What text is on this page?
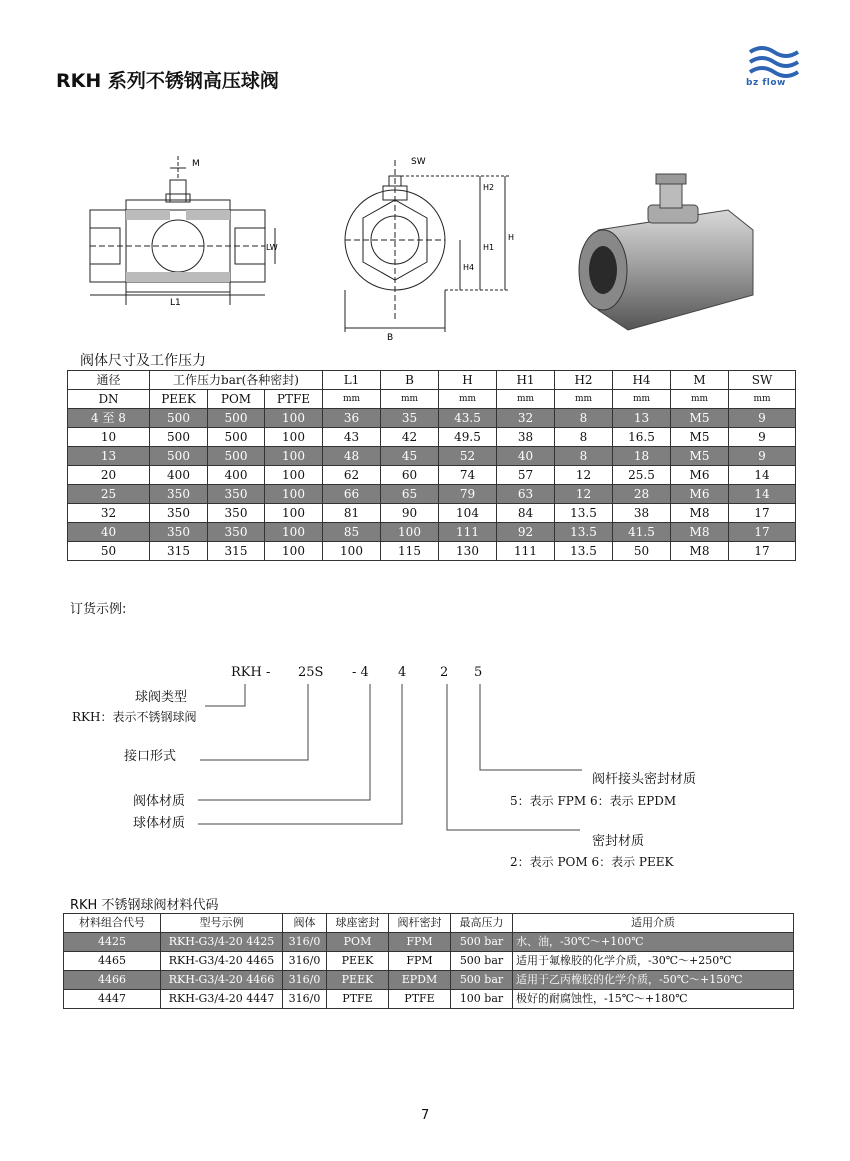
RKH 系列不锈钢高压球阀	bz flow
M
L1
LW
SW
B
H4
H1
H
H2
阀体尺寸及工作压力
通径	工作压力bar(各种密封)			L1	B	H	H1	H2	H4	M	SW
DN	PEEK	POM	PTFE	mm	mm	mm	mm	mm	mm	mm	mm
4 至 8	500	500	100	36	35	43.5	32	8	13	M5	9
10	500	500	100	43	42	49.5	38	8	16.5	M5	9
13	500	500	100	48	45	52	40	8	18	M5	9
20	400	400	100	62	60	74	57	12	25.5	M6	14
25	350	350	100	66	65	79	63	12	28	M6	14
32	350	350	100	81	90	104	84	13.5	38	M8	17
40	350	350	100	85	100	111	92	13.5	41.5	M8	17
50	315	315	100	100	115	130	111	13.5	50	M8	17
订货示例:
RKH - 25S - 4 4	2 5
球阀类型
RKH：表示不锈钢球阀
接口形式
阀体材质
球体材质
阀杆接头密封材质
5：表示 FPM 6：表示 EPDM
密封材质
2：表示 POM 6：表示 PEEK
RKH 不锈钢球阀材料代码
材料组合代号	型号示例	阀体	球座密封	阀杆密封	最高压力	适用介质
4425	RKH-G3/4-20 4425	316/0	POM	FPM	500 bar	水、油，-30℃～+100℃
4465	RKH-G3/4-20 4465	316/0	PEEK	FPM	500 bar	适用于氟橡胶的化学介质，-30℃～+250℃
4466	RKH-G3/4-20 4466	316/0	PEEK	EPDM	500 bar	适用于乙丙橡胶的化学介质，-50℃～+150℃
4447	RKH-G3/4-20 4447	316/0	PTFE	PTFE	100 bar	极好的耐腐蚀性，-15℃～+180℃
7
